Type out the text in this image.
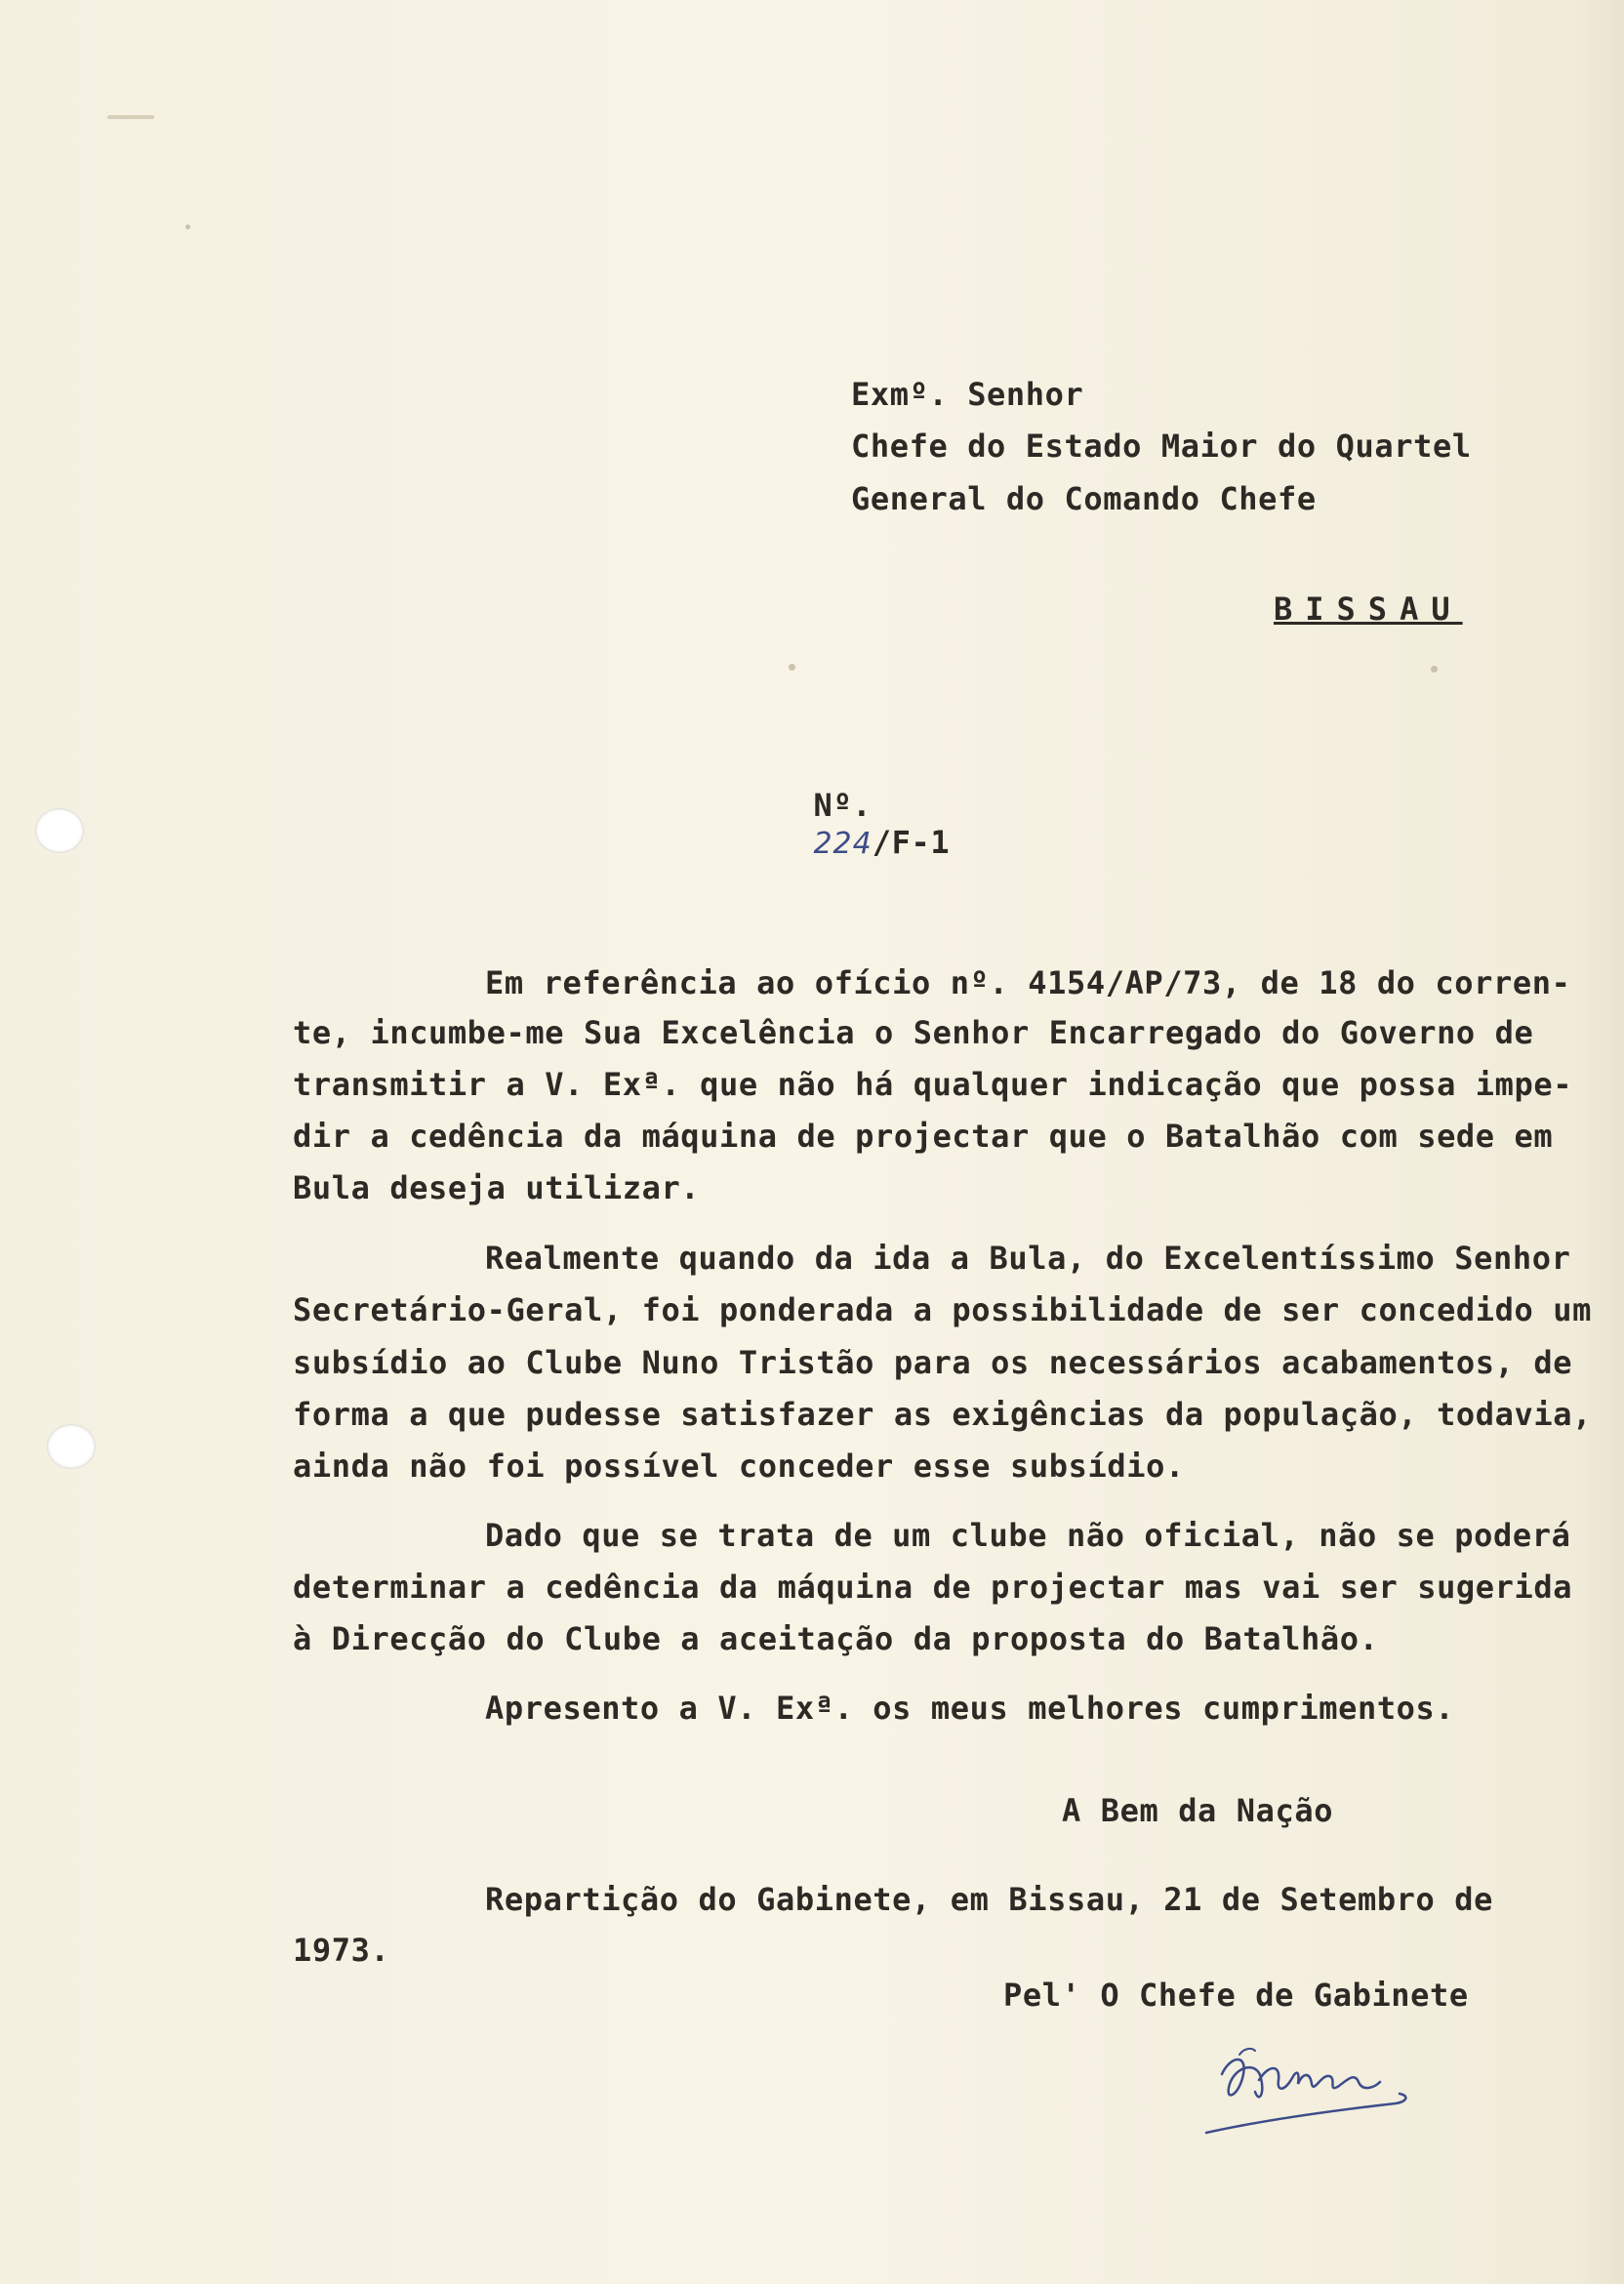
Exmº. Senhor
Chefe do Estado Maior do Quartel
General do Comando Chefe
BISSAU

Nº.
224/F-1

Em referência ao ofício nº. 4154/AP/73, de 18 do corren-
te, incumbe-me Sua Excelência o Senhor Encarregado do Governo de
transmitir a V. Exª. que não há qualquer indicação que possa impe-
dir a cedência da máquina de projectar que o Batalhão com sede em
Bula deseja utilizar.
Realmente quando da ida a Bula, do Excelentíssimo Senhor
Secretário-Geral, foi ponderada a possibilidade de ser concedido um
subsídio ao Clube Nuno Tristão para os necessários acabamentos, de
forma a que pudesse satisfazer as exigências da população, todavia,
ainda não foi possível conceder esse subsídio.
Dado que se trata de um clube não oficial, não se poderá
determinar a cedência da máquina de projectar mas vai ser sugerida
à Direcção do Clube a aceitação da proposta do Batalhão.
Apresento a V. Exª. os meus melhores cumprimentos.
A Bem da Nação
Repartição do Gabinete, em Bissau, 21 de Setembro de
1973.
Pel' O Chefe de Gabinete
